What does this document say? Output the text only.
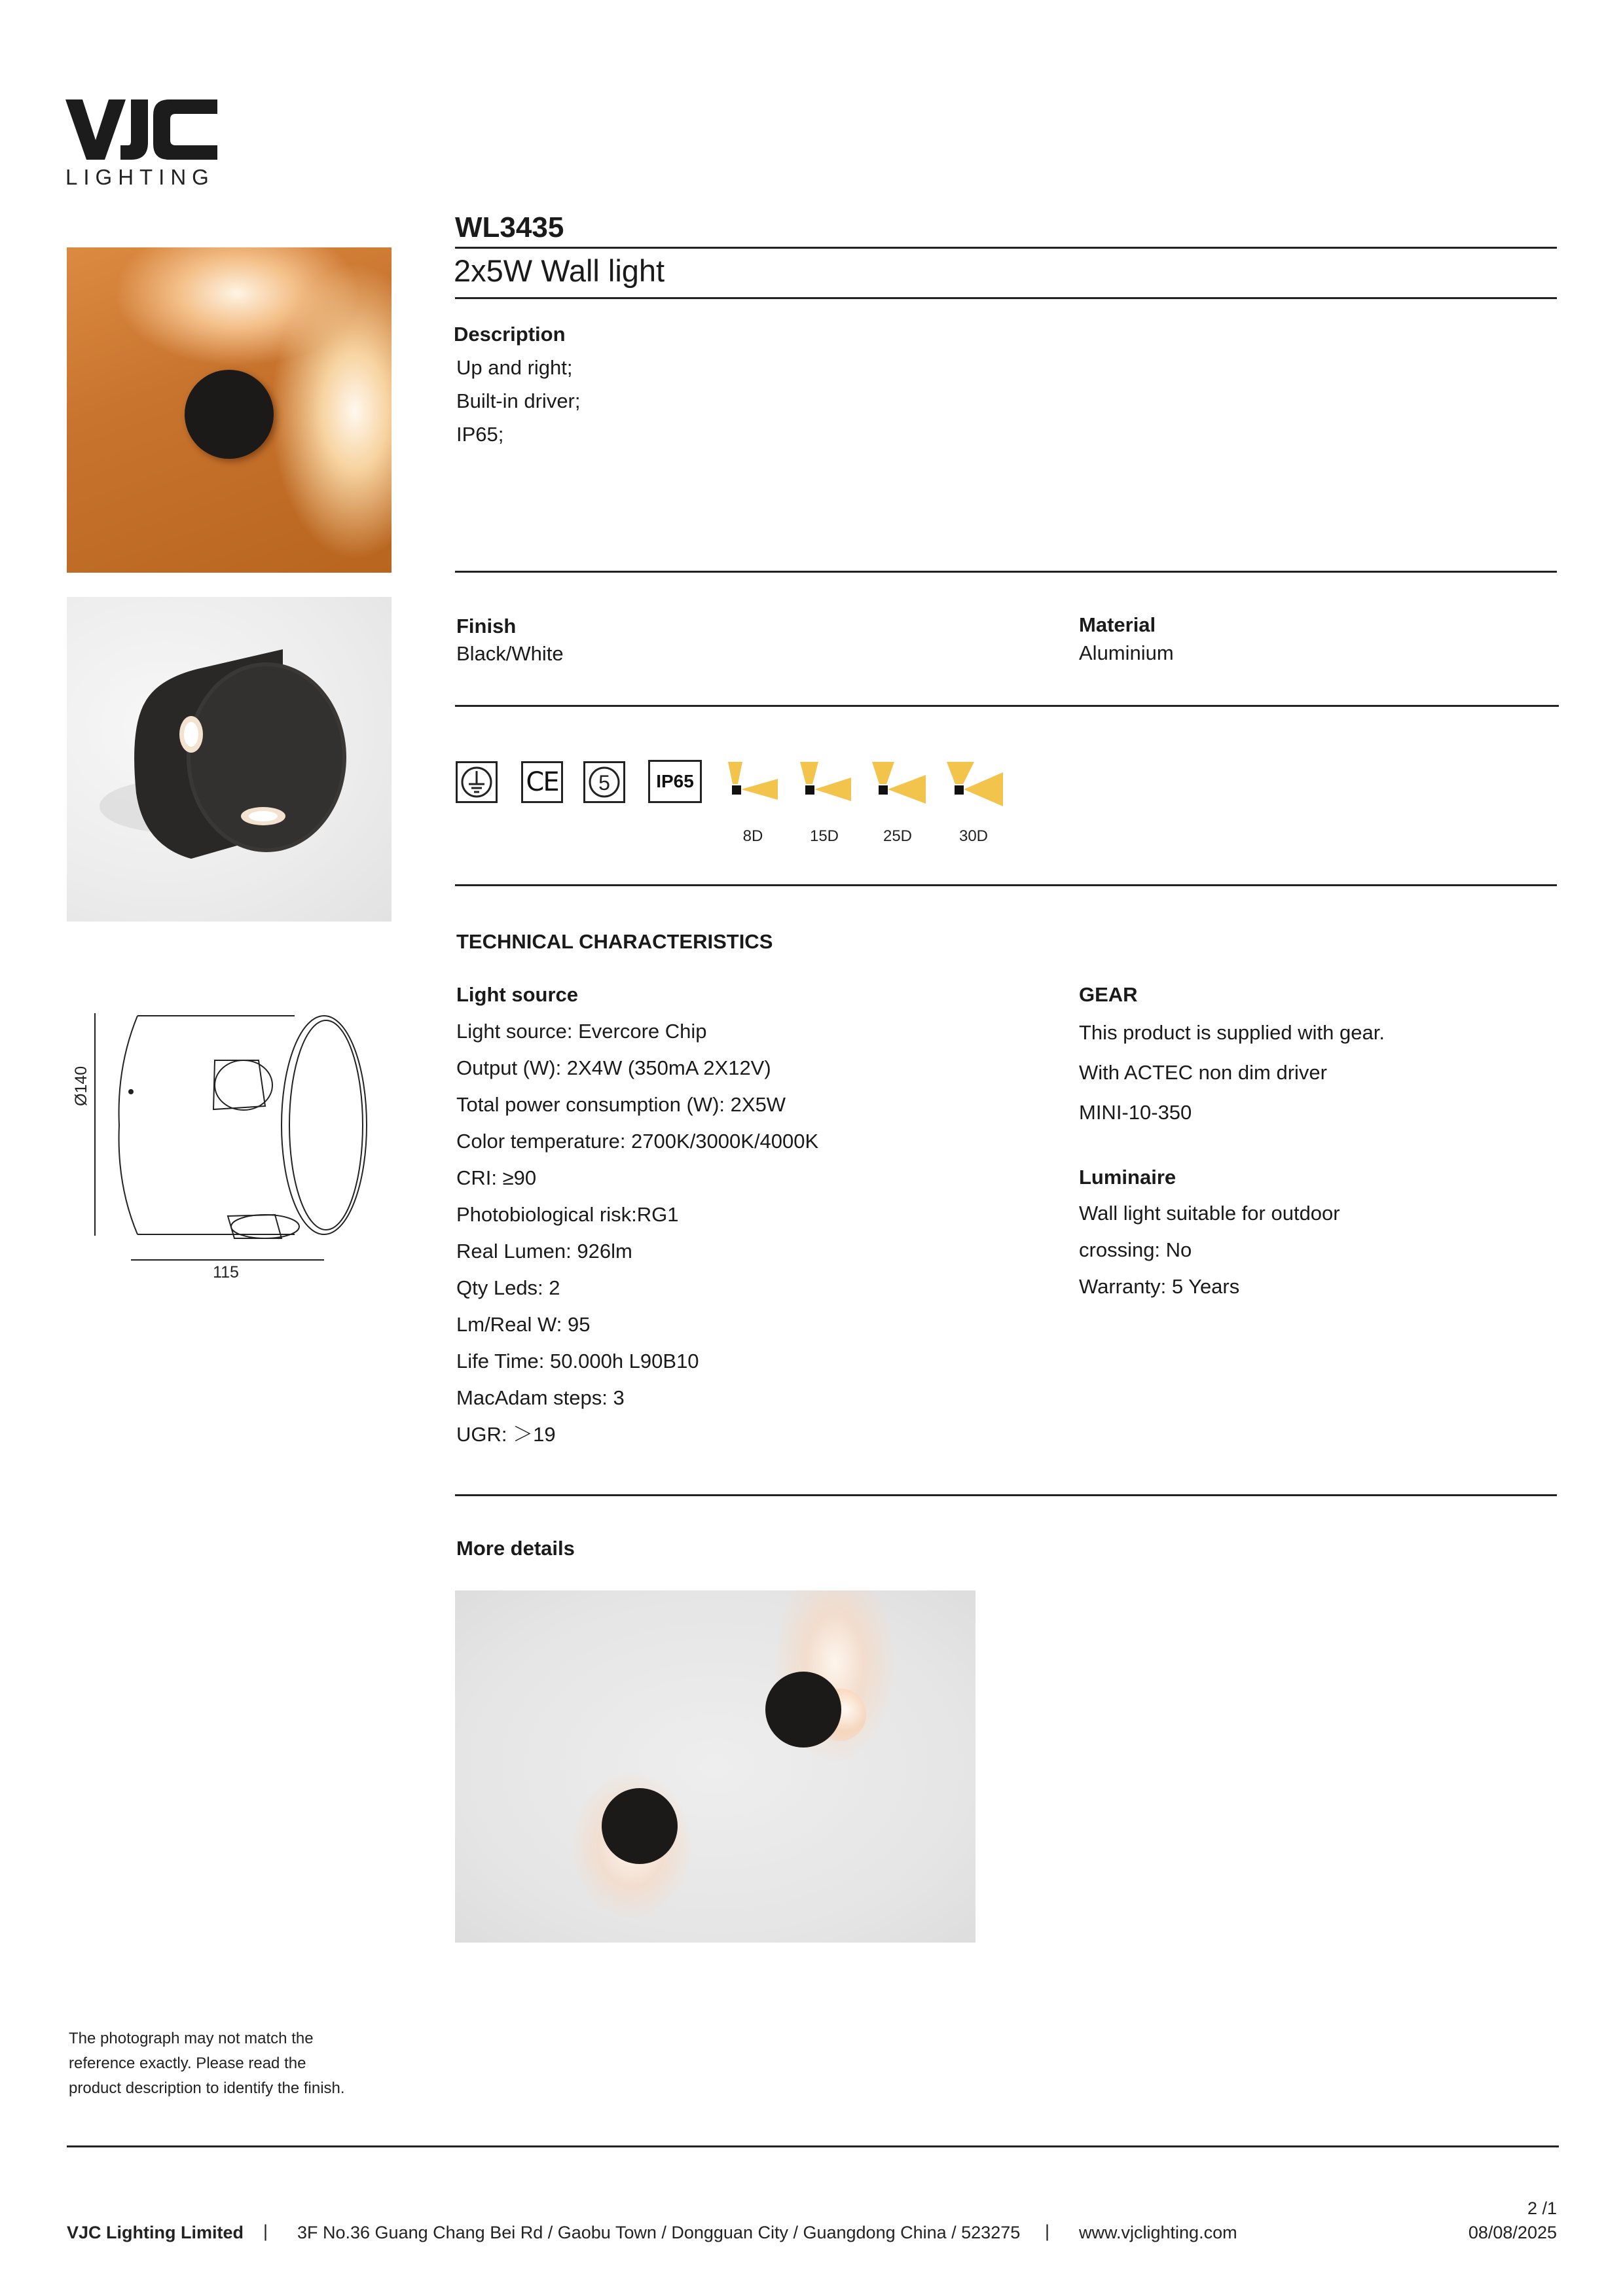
LIGHTING
Ø140
115
WL3435
2x5W Wall light
Description
Up and right;
Built-in driver;
IP65;
Finish
Black/White
Material
Aluminium
CE 5	IP65
8D	15D	25D	30D
TECHNICAL CHARACTERISTICS
Light source
Light source: Evercore Chip
Output (W): 2X4W (350mA 2X12V)
Total power consumption (W): 2X5W
Color temperature: 2700K/3000K/4000K
CRI: ≥90
Photobiological risk:RG1
Real Lumen: 926lm
Qty Leds: 2
Lm/Real W: 95
Life Time: 50.000h L90B10
MacAdam steps: 3
UGR: ＞19
GEAR
This product is supplied with gear.
With ACTEC non dim driver
MINI-10-350
Luminaire
Wall light suitable for outdoor
crossing: No
Warranty: 5 Years
More details
The photograph may not match the
reference exactly. Please read the
product description to identify the finish.
VJC Lighting Limited | 3F No.36 Guang Chang Bei Rd / Gaobu Town / Dongguan City / Guangdong China / 523275 | www.vjclighting.com
2 /1
08/08/2025
